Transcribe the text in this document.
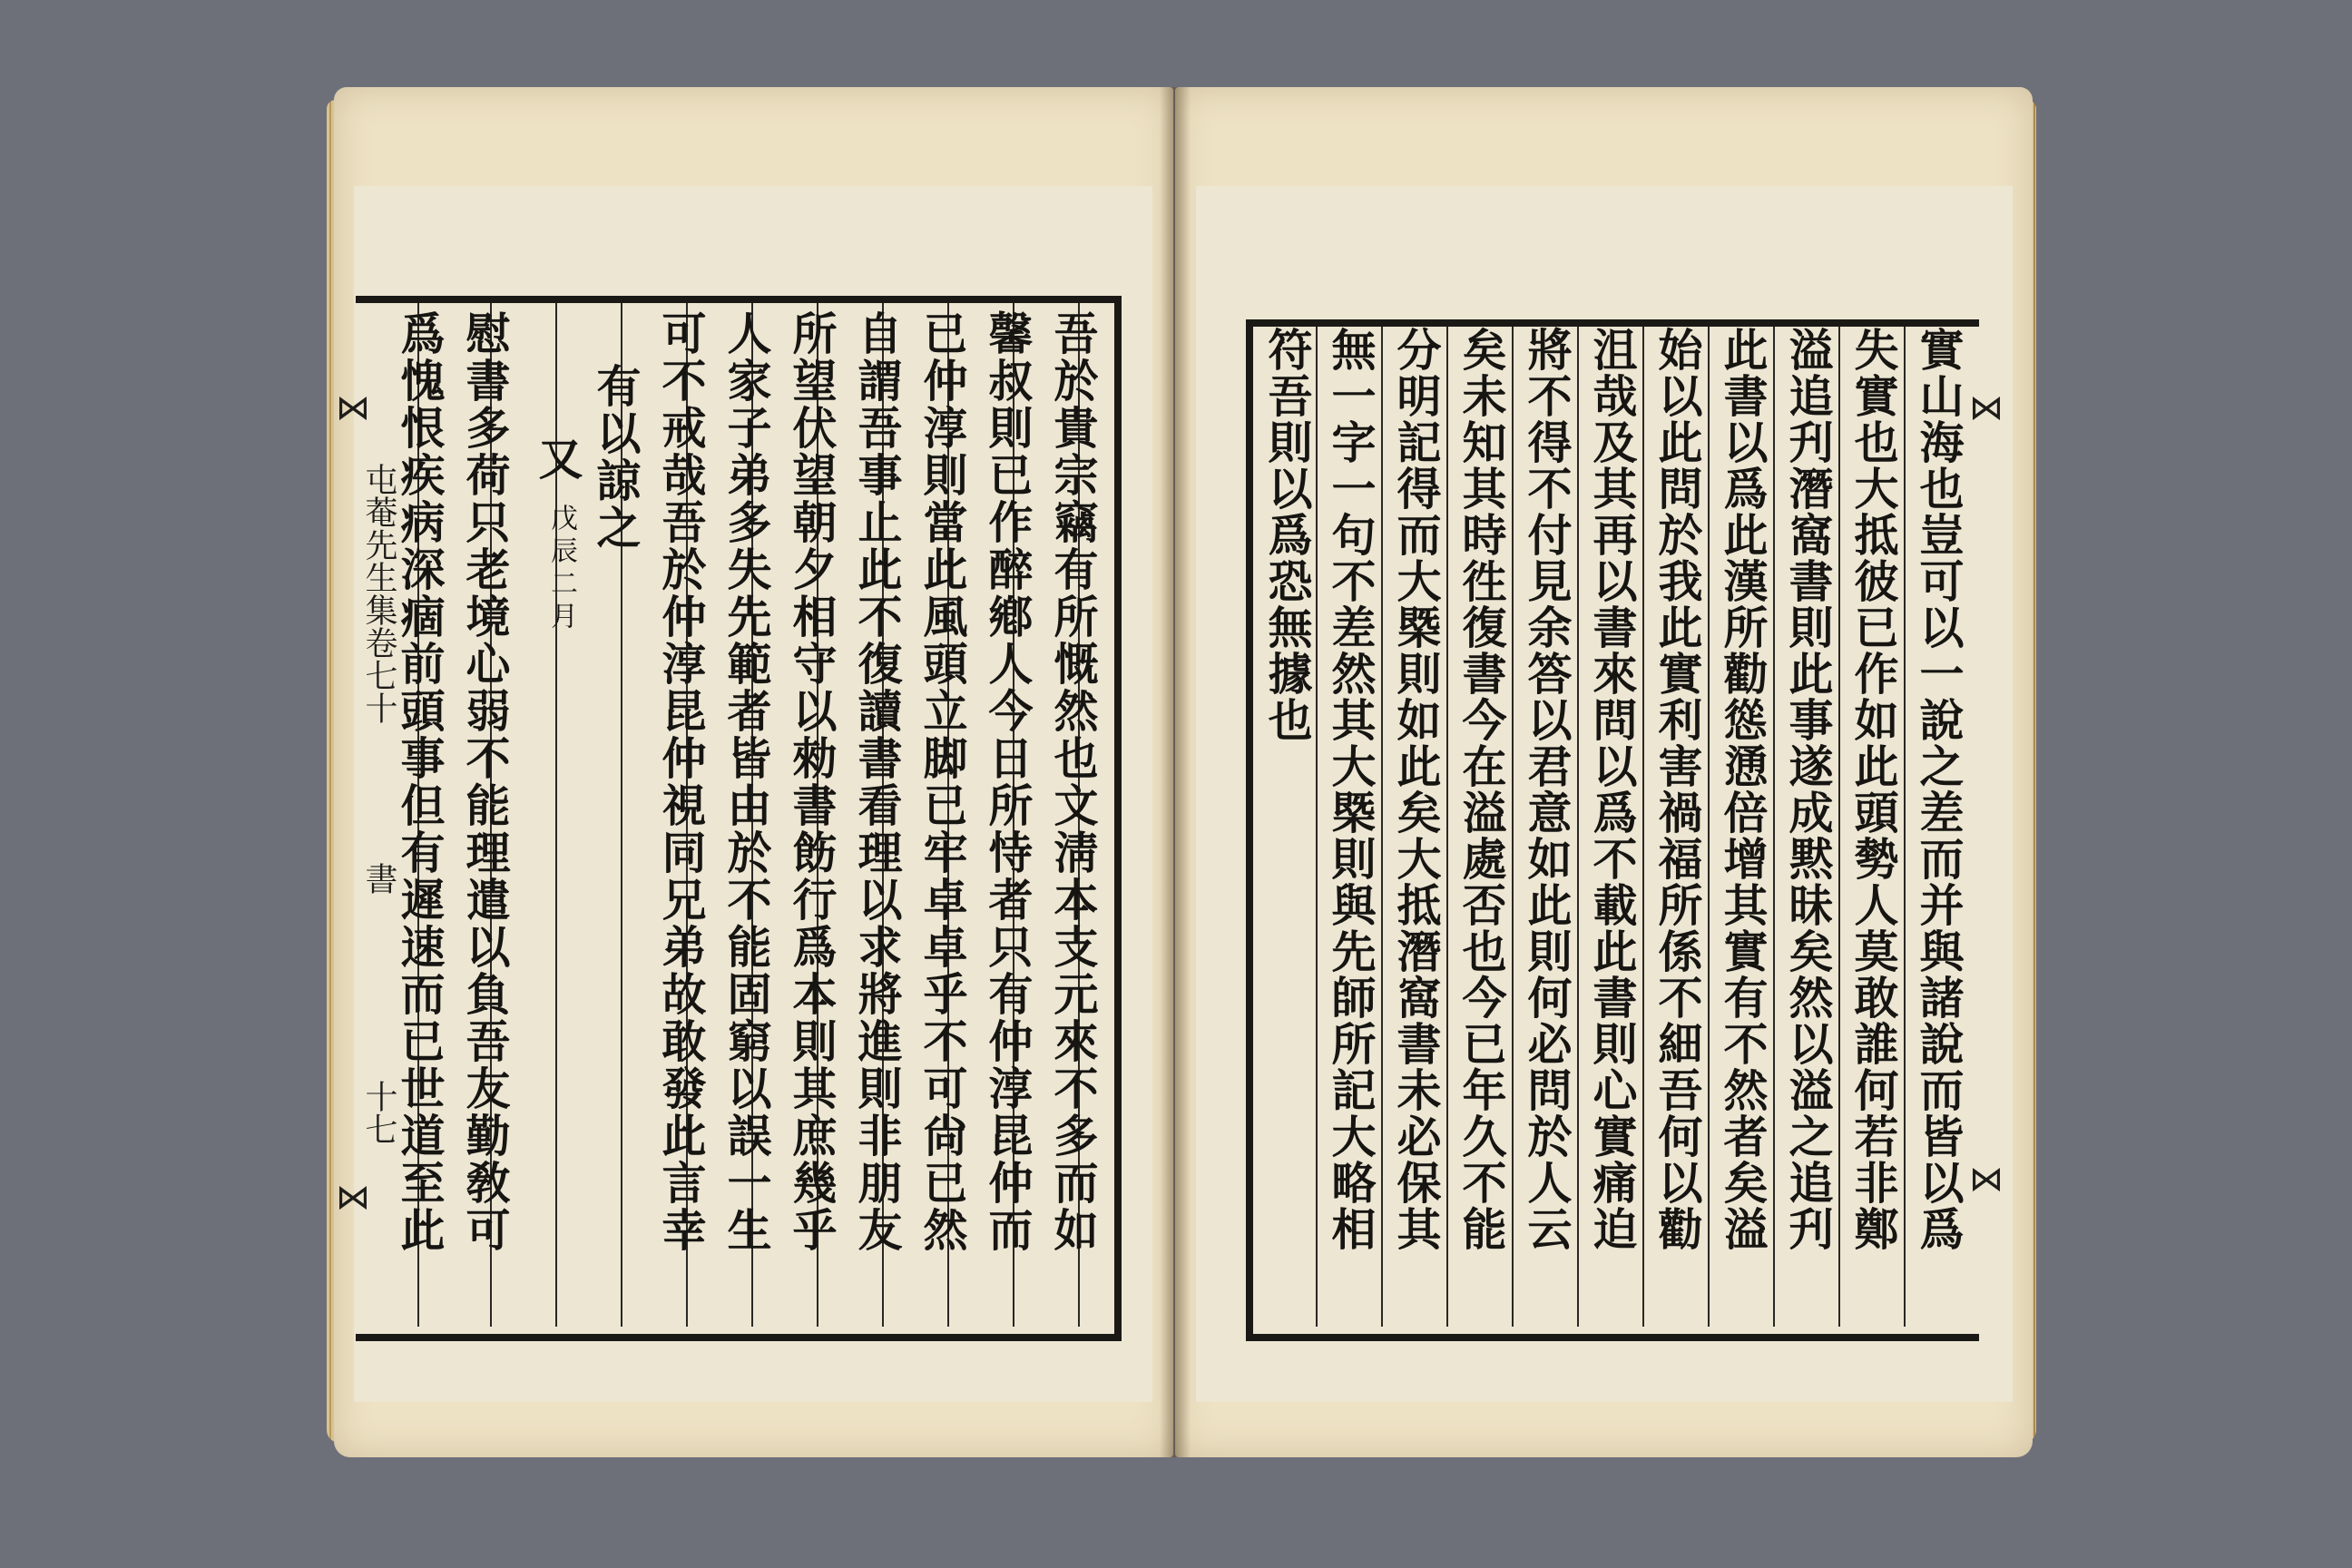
⋈
⋈
⋈
⋈
屯菴先生集卷七十
書
十七	吾於貴宗竊有所慨然也文淸本支元來不多而如
馨叔則已作醉鄕人今日所恃者只有仲淳昆仲而
已仲淳則當此風頭立脚已牢卓卓乎不可尙已然
自謂吾事止此不復讀書看理以求將進則非朋友
所望伏望朝夕相守以勑書飭行爲本則其庶幾乎
人家子弟多失先範者皆由於不能固窮以誤一生
可不戒哉吾於仲淳昆仲視同兄弟故敢發此言幸
有以諒之
又
戊辰二月
慰書多荷只老境心弱不能理遣以負吾友勤敎可
爲愧恨疾病深痼前頭事但有遲速而已世道至此	實山海也豈可以一說之差而并與諸說而皆以爲
失實也大抵彼已作如此頭勢人莫敢誰何若非鄭
溢追刋潛窩書則此事遂成黙昧矣然以溢之追刋
此書以爲此漢所勸慫慂倍增其實有不然者矣溢
始以此問於我此實利害禍福所係不細吾何以勸
沮哉及其再以書來問以爲不載此書則心實痛迫
將不得不付見余答以君意如此則何必問於人云
矣未知其時徃復書今在溢處否也今已年久不能
分明記得而大槩則如此矣大抵潛窩書未必保其
無一字一句不差然其大槩則與先師所記大略相
符吾則以爲恐無據也
